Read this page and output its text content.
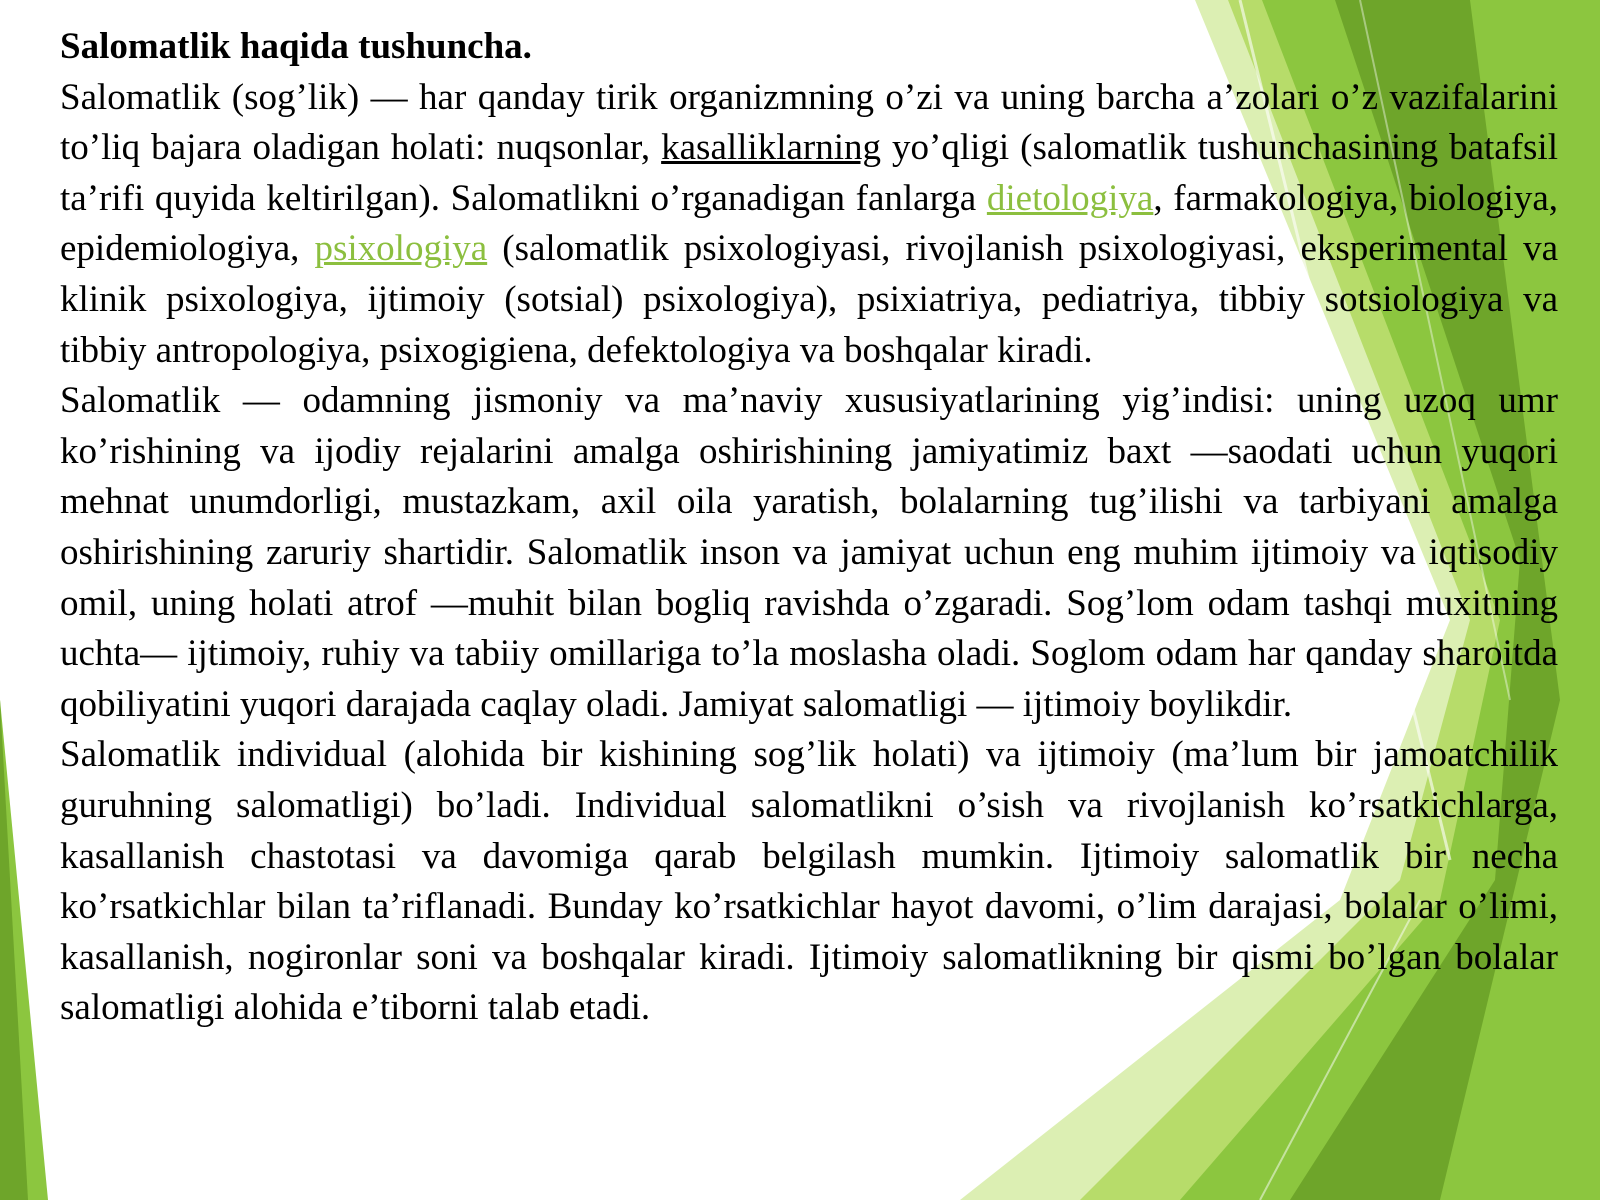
Salomatlik haqida tushuncha.

Salomatlik (sog’lik) — har qanday tirik organizmning o’zi va uning barcha a’zolari o’z vazifalarini to’liq bajara oladigan holati: nuqsonlar, kasalliklarning yo’qligi (salomatlik tushunchasining batafsil ta’rifi quyida keltirilgan). Salomatlikni o’rganadigan fanlarga dietologiya, farmakologiya, biologiya, epidemiologiya, psixologiya (salomatlik psixologiyasi, rivojlanish psixologiyasi, eksperimental va klinik psixologiya, ijtimoiy (sotsial) psixologiya), psixiatriya, pediatriya, tibbiy sotsiologiya va tibbiy antropologiya, psixogigiena, defektologiya va boshqalar kiradi.

Salomatlik — odamning jismoniy va ma’naviy xususiyatlarining yig’indisi: uning uzoq umr ko’rishining va ijodiy rejalarini amalga oshirishining jamiyatimiz baxt —saodati uchun yuqori mehnat unumdorligi, mustazkam, axil oila yaratish, bolalarning tug’ilishi va tarbiyani amalga oshirishining zaruriy shartidir. Salomatlik inson va jamiyat uchun eng muhim ijtimoiy va iqtisodiy omil, uning holati atrof —muhit bilan bogliq ravishda o’zgaradi. Sog’lom odam tashqi muxitning uchta— ijtimoiy, ruhiy va tabiiy omillariga to’la moslasha oladi. Soglom odam har qanday sharoitda qobiliyatini yuqori darajada caqlay oladi. Jamiyat salomatligi — ijtimoiy boylikdir.

Salomatlik individual (alohida bir kishining sog’lik holati) va ijtimoiy (ma’lum bir jamoatchilik guruhning salomatligi) bo’ladi. Individual salomatlikni o’sish va rivojlanish ko’rsatkichlarga, kasallanish chastotasi va davomiga qarab belgilash mumkin. Ijtimoiy salomatlik bir necha ko’rsatkichlar bilan ta’riflanadi. Bunday ko’rsatkichlar hayot davomi, o’lim darajasi, bolalar o’limi, kasallanish, nogironlar soni va boshqalar kiradi. Ijtimoiy salomatlikning bir qismi bo’lgan bolalar salomatligi alohida e’tiborni talab etadi.
